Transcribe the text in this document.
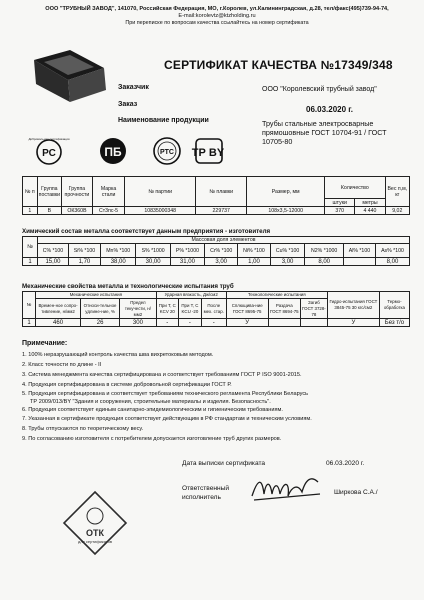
ООО "ТРУБНЫЙ ЗАВОД", 141070, Российская Федерация, МО, г.Королев, ул.Калининградская, д.28, тел/факс(495)739-94-74,
E-mail:korolevtz@ktzholding.ru
При переписке по вопросам качества ссылайтесь на номер сертификата
СЕРТИФИКАТ КАЧЕСТВА №17349/348
Заказчик	ООО "Королевский трубный завод"
Заказ
06.03.2020 г.
Наименование продукции	Трубы стальные электросварные
прямошовные ГОСТ 10704-91 / ГОСТ
10705-80
РС
Добровольная сертификация
ПБ	РТС ТР BY
№ п	Группа поставки	Группа прочности	Марка стали	№ партии	№ плавки	Размер, мм	Количество		Вес п,м, кг
							штуки	метры	
1	В	ОК360В	Ст3пс-5	10835000348	229737	108х3,5-12000	370	4 440	9,02
Химический состав металла соответствует данным предприятия - изготовителя
№	Массовая доля элементов										
	C% *100	Si% *100	Mn% *100	S% *1000	P% *1000	Cr% *100	Ni% *100	Cu% *100	N2% *1000	Al% *100	As% *100
1	15,00	1,70	38,00	30,00	31,00	3,00	1,00	3,00	8,00		8,00
Механические свойства металла и технологические испытания труб
№	Механические испытания			Ударная вязкость, Дж/см2			Технологические испытания			Гидро-испытания ГОСТ 3845-75 30 кгс/см2	Термо-обработка
	Времен-ное сопро-тивление, н/мм2	Относи-тельное удлине-ние, %	Предел текучести, н/мм2	При T, С KCV 20	При T, С KCU -20	После мех. стар.	Сплющива-ние ГОСТ 8695-75	Раздача ГОСТ 8694-75	Загиб ГОСТ 3728-78		
1	460	26	300	-	-	-	У			У	Без т/о
Примечание:
1. 100% неразрушающий контроль качества шва вихретоковым методом.
2. Класс точности по длине - II
3. Система менеджмента качества сертифицирована и соответствует требованиям ГОСТ Р ISO 9001-2015.
4. Продукция сертифицирована в системе добровольной сертификации ГОСТ Р.
5. Продукция сертифицирована и соответствует требованиям технического регламента Республики Беларусь
ТР 2009/013/BY "Здания и сооружения, строительные материалы и изделия. Безопасность".
6. Продукция соответствует единым санитарно-эпидемиологическим и гигиеническим требованиям.
7. Указанная в сертификате продукция соответствует действующим в РФ стандартам и техническим условиям.
8. Трубы отпускаются по теоретическому весу.
9. По согласованию изготовителя с потребителем допускается изготовление труб других размеров.
Дата выписки сертификата	06.03.2020 г.
Ответственный
исполнитель
Ширкова С.А./
ОТК
для сертификатов
